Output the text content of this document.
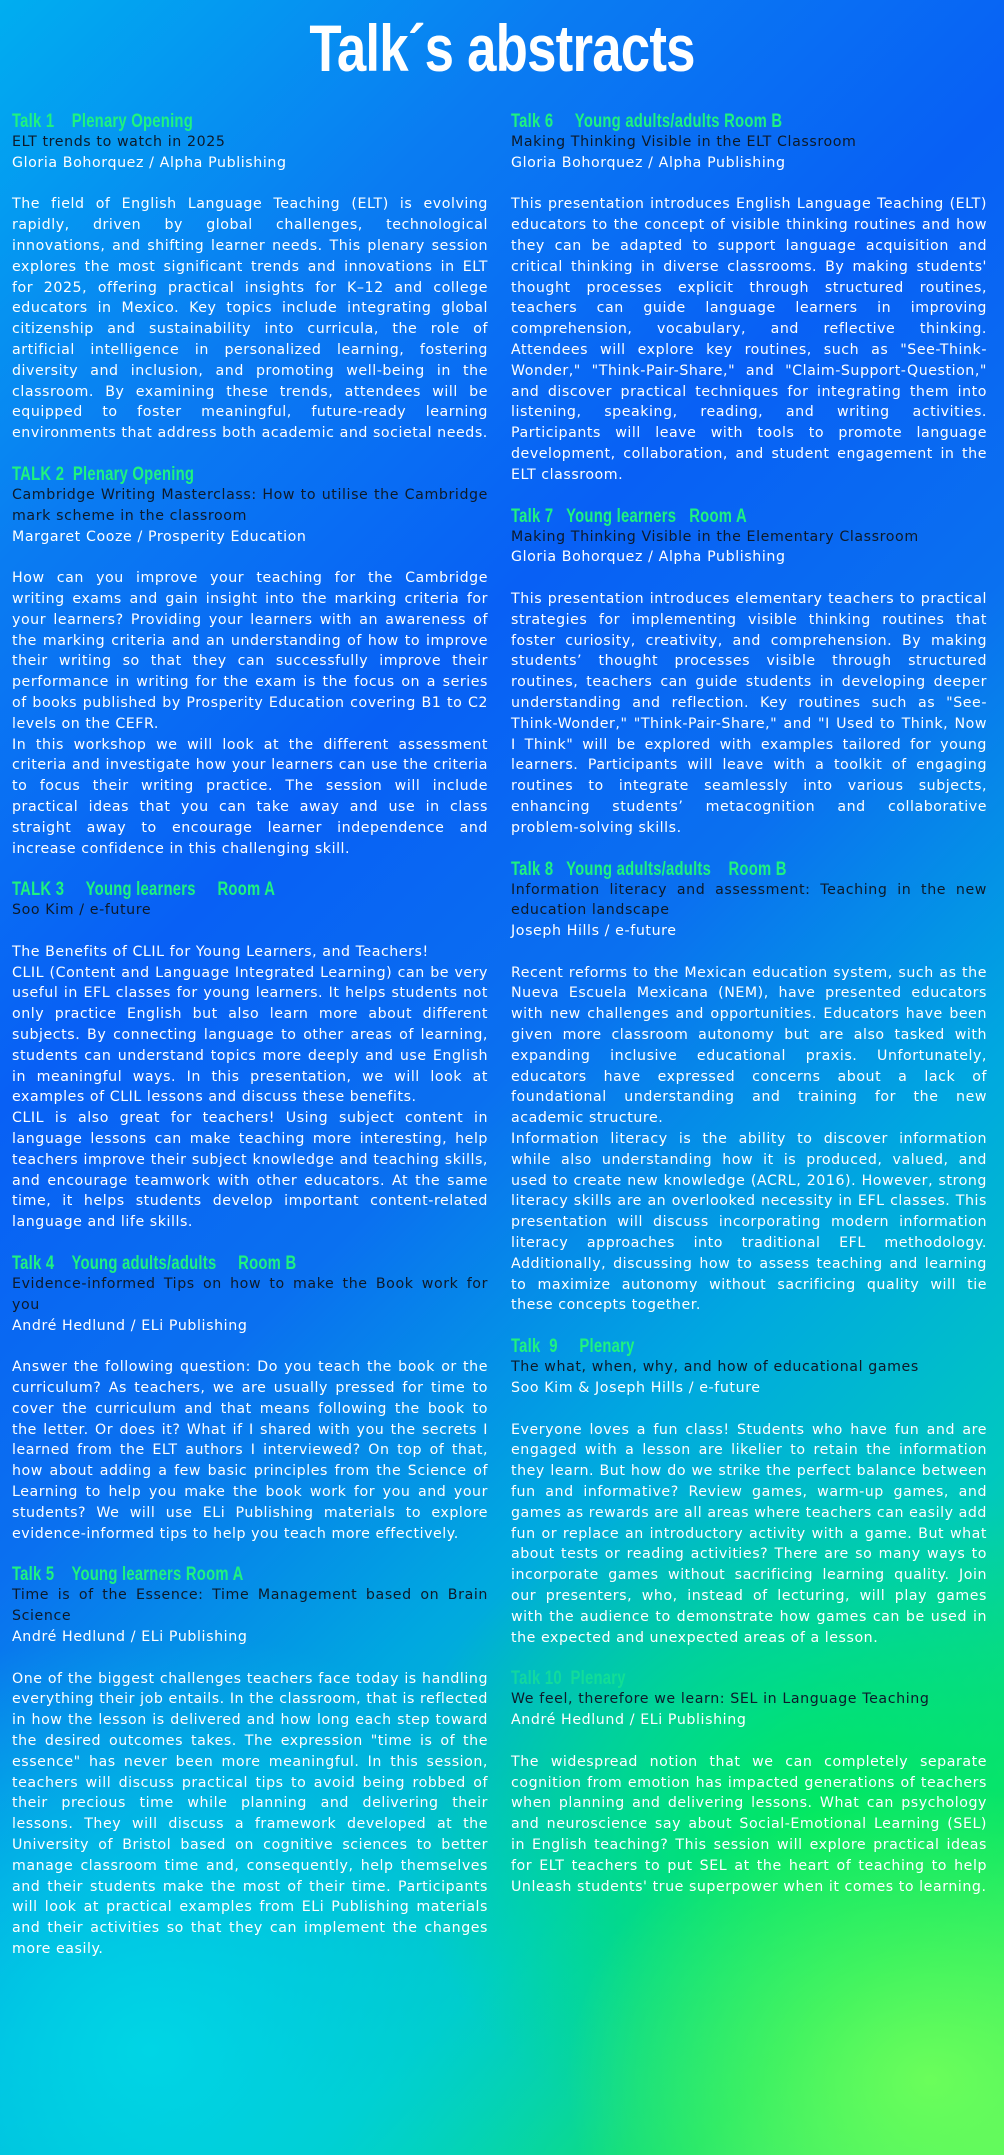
Talk´s abstracts
Talk 1    Plenary Opening
ELT trends to watch in 2025
Gloria Bohorquez / Alpha Publishing

The field of English Language Teaching (ELT) is evolving rapidly, driven by global challenges, technological innovations, and shifting learner needs. This plenary session explores the most significant trends and innovations in ELT for 2025, offering practical insights for K–12 and college educators in Mexico. Key topics include integrating global citizenship and sustainability into curricula, the role of artificial intelligence in personalized learning, fostering diversity and inclusion, and promoting well-being in the classroom. By examining these trends, attendees will be equipped to foster meaningful, future-ready learning environments that address both academic and societal needs.

TALK 2  Plenary Opening
Cambridge Writing Masterclass: How to utilise the Cambridge mark scheme in the classroom
Margaret Cooze / Prosperity Education

How can you improve your teaching for the Cambridge writing exams and gain insight into the marking criteria for your learners? Providing your learners with an awareness of the marking criteria and an understanding of how to improve their writing so that they can successfully improve their performance in writing for the exam is the focus on a series of books published by Prosperity Education covering B1 to C2 levels on the CEFR.

In this workshop we will look at the different assessment criteria and investigate how your learners can use the criteria to focus their writing practice. The session will include practical ideas that you can take away and use in class straight away to encourage learner independence and increase confidence in this challenging skill.

TALK 3     Young learners     Room A
Soo Kim / e-future

The Benefits of CLIL for Young Learners, and Teachers!

CLIL (Content and Language Integrated Learning) can be very useful in EFL classes for young learners. It helps students not only practice English but also learn more about different subjects. By connecting language to other areas of learning, students can understand topics more deeply and use English in meaningful ways. In this presentation, we will look at examples of CLIL lessons and discuss these benefits.

CLIL is also great for teachers! Using subject content in language lessons can make teaching more interesting, help teachers improve their subject knowledge and teaching skills, and encourage teamwork with other educators. At the same time, it helps students develop important content-related language and life skills.

Talk 4    Young adults/adults     Room B
Evidence-informed Tips on how to make the Book work for you
André Hedlund / ELi Publishing

Answer the following question: Do you teach the book or the curriculum? As teachers, we are usually pressed for time to cover the curriculum and that means following the book to the letter. Or does it? What if I shared with you the secrets I learned from the ELT authors I interviewed? On top of that, how about adding a few basic principles from the Science of Learning to help you make the book work for you and your students? We will use ELi Publishing materials to explore evidence-informed tips to help you teach more effectively.

Talk 5    Young learners Room A
Time is of the Essence: Time Management based on Brain Science
André Hedlund / ELi Publishing

One of the biggest challenges teachers face today is handling everything their job entails. In the classroom, that is reflected in how the lesson is delivered and how long each step toward the desired outcomes takes. The expression "time is of the essence" has never been more meaningful. In this session, teachers will discuss practical tips to avoid being robbed of their precious time while planning and delivering their lessons. They will discuss a framework developed at the University of Bristol based on cognitive sciences to better manage classroom time and, consequently, help themselves and their students make the most of their time. Participants will look at practical examples from ELi Publishing materials and their activities so that they can implement the changes more easily.

Talk 6     Young adults/adults Room B
Making Thinking Visible in the ELT Classroom
Gloria Bohorquez / Alpha Publishing

This presentation introduces English Language Teaching (ELT) educators to the concept of visible thinking routines and how they can be adapted to support language acquisition and critical thinking in diverse classrooms. By making students' thought processes explicit through structured routines, teachers can guide language learners in improving comprehension, vocabulary, and reflective thinking. Attendees will explore key routines, such as "See-Think-Wonder," "Think-Pair-Share," and "Claim-Support-Question," and discover practical techniques for integrating them into listening, speaking, reading, and writing activities. Participants will leave with tools to promote language development, collaboration, and student engagement in the ELT classroom.

Talk 7   Young learners   Room A
Making Thinking Visible in the Elementary Classroom
Gloria Bohorquez / Alpha Publishing

This presentation introduces elementary teachers to practical strategies for implementing visible thinking routines that foster curiosity, creativity, and comprehension. By making students’ thought processes visible through structured routines, teachers can guide students in developing deeper understanding and reflection. Key routines such as "See-Think-Wonder," "Think-Pair-Share," and "I Used to Think, Now I Think" will be explored with examples tailored for young learners. Participants will leave with a toolkit of engaging routines to integrate seamlessly into various subjects, enhancing students’ metacognition and collaborative problem-solving skills.

Talk 8   Young adults/adults    Room B
Information literacy and assessment: Teaching in the new education landscape
Joseph Hills / e-future

Recent reforms to the Mexican education system, such as the Nueva Escuela Mexicana (NEM), have presented educators with new challenges and opportunities. Educators have been given more classroom autonomy but are also tasked with expanding inclusive educational praxis. Unfortunately, educators have expressed concerns about a lack of foundational understanding and training for the new academic structure.

Information literacy is the ability to discover information while also understanding how it is produced, valued, and used to create new knowledge (ACRL, 2016). However, strong literacy skills are an overlooked necessity in EFL classes. This presentation will discuss incorporating modern information literacy approaches into traditional EFL methodology. Additionally, discussing how to assess teaching and learning to maximize autonomy without sacrificing quality will tie these concepts together.

Talk  9     Plenary
The what, when, why, and how of educational games
Soo Kim & Joseph Hills / e-future

Everyone loves a fun class! Students who have fun and are engaged with a lesson are likelier to retain the information they learn. But how do we strike the perfect balance between fun and informative? Review games, warm-up games, and games as rewards are all areas where teachers can easily add fun or replace an introductory activity with a game. But what about tests or reading activities? There are so many ways to incorporate games without sacrificing learning quality. Join our presenters, who, instead of lecturing, will play games with the audience to demonstrate how games can be used in the expected and unexpected areas of a lesson.

Talk 10  Plenary
We feel, therefore we learn: SEL in Language Teaching
André Hedlund / ELi Publishing

The widespread notion that we can completely separate cognition from emotion has impacted generations of teachers when planning and delivering lessons. What can psychology and neuroscience say about Social-Emotional Learning (SEL) in English teaching? This session will explore practical ideas for ELT teachers to put SEL at the heart of teaching to help Unleash students' true superpower when it comes to learning.
